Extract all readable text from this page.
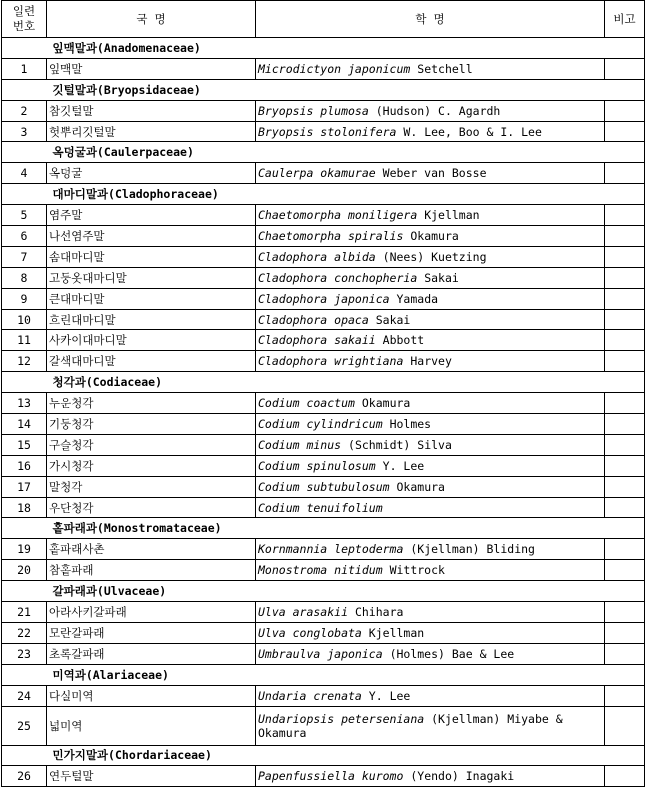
일련
번호	국 명	학 명	비고
	잎맥말과(Anadomenaceae)		
1	잎맥말	Microdictyon japonicum Setchell	
	깃털말과(Bryopsidaceae)		
2	참깃털말	Bryopsis plumosa (Hudson) C. Agardh	
3	헛뿌리깃털말	Bryopsis stolonifera W. Lee, Boo & I. Lee	
	옥덩굴과(Caulerpaceae)		
4	옥덩굴	Caulerpa okamurae Weber van Bosse	
	대마디말과(Cladophoraceae)		
5	염주말	Chaetomorpha moniligera Kjellman	
6	나선염주말	Chaetomorpha spiralis Okamura	
7	솜대마디말	Cladophora albida (Nees) Kuetzing	
8	고둥옷대마디말	Cladophora conchopheria Sakai	
9	큰대마디말	Cladophora japonica Yamada	
10	흐린대마디말	Cladophora opaca Sakai	
11	사카이대마디말	Cladophora sakaii Abbott	
12	갈색대마디말	Cladophora wrightiana Harvey	
	청각과(Codiaceae)		
13	누운청각	Codium coactum Okamura	
14	기둥청각	Codium cylindricum Holmes	
15	구슬청각	Codium minus (Schmidt) Silva	
16	가시청각	Codium spinulosum Y. Lee	
17	말청각	Codium subtubulosum Okamura	
18	우단청각	Codium tenuifolium	
	홑파래과(Monostromataceae)		
19	홑파래사촌	Kornmannia leptoderma (Kjellman) Bliding	
20	참홑파래	Monostroma nitidum Wittrock	
	갈파래과(Ulvaceae)		
21	아라사키갈파래	Ulva arasakii Chihara	
22	모란갈파래	Ulva conglobata Kjellman	
23	초록갈파래	Umbraulva japonica (Holmes) Bae & Lee	
	미역과(Alariaceae)		
24	다실미역	Undaria crenata Y. Lee	
25	넓미역	Undariopsis peterseniana (Kjellman) Miyabe & Okamura	
	민가지말과(Chordariaceae)		
26	연두털말	Papenfussiella kuromo (Yendo) Inagaki	
